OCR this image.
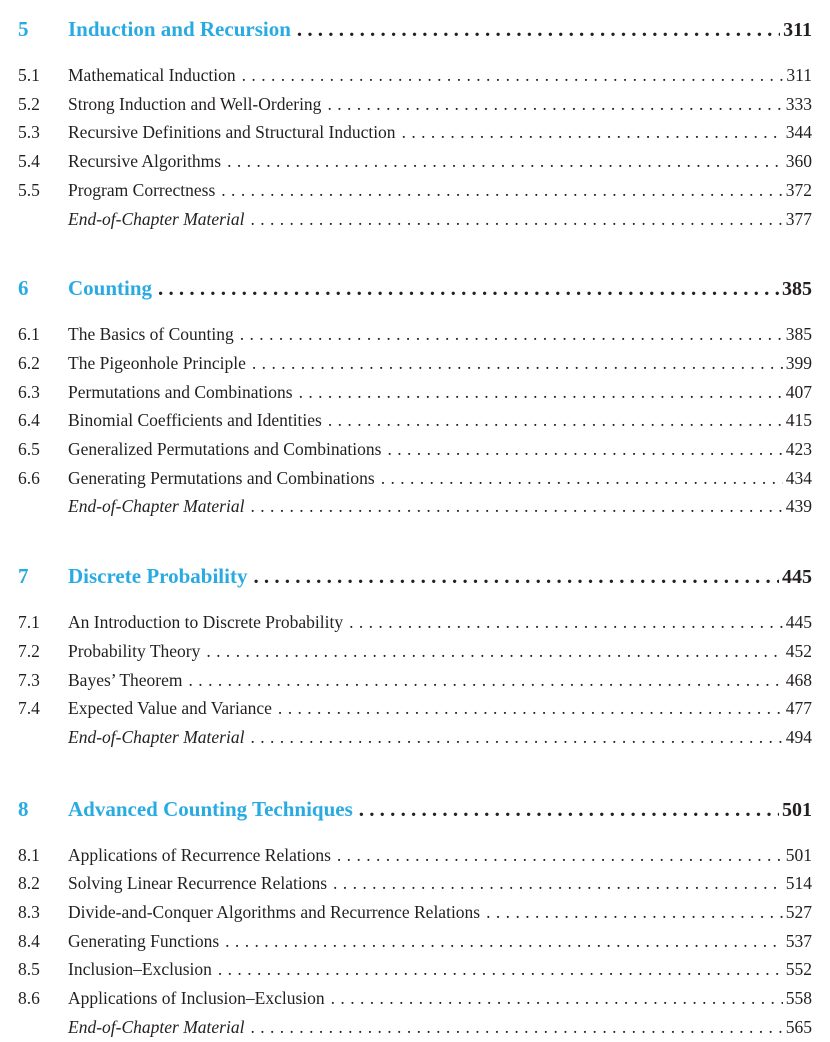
5	Induction and Recursion .....	311
5.1	Mathematical Induction .....	311
5.2	Strong Induction and Well-Ordering .....	333
5.3	Recursive Definitions and Structural Induction .....	344
5.4	Recursive Algorithms .....	360
5.5	Program Correctness .....	372
End-of-Chapter Material .....	377
6	Counting .....	385
6.1	The Basics of Counting .....	385
6.2	The Pigeonhole Principle .....	399
6.3	Permutations and Combinations .....	407
6.4	Binomial Coefficients and Identities .....	415
6.5	Generalized Permutations and Combinations .....	423
6.6	Generating Permutations and Combinations .....	434
End-of-Chapter Material .....	439
7	Discrete Probability .....	445
7.1	An Introduction to Discrete Probability .....	445
7.2	Probability Theory .....	452
7.3	Bayes’ Theorem .....	468
7.4	Expected Value and Variance .....	477
End-of-Chapter Material .....	494
8	Advanced Counting Techniques .....	501
8.1	Applications of Recurrence Relations .....	501
8.2	Solving Linear Recurrence Relations .....	514
8.3	Divide-and-Conquer Algorithms and Recurrence Relations .....	527
8.4	Generating Functions .....	537
8.5	Inclusion–Exclusion .....	552
8.6	Applications of Inclusion–Exclusion .....	558
End-of-Chapter Material .....	565
